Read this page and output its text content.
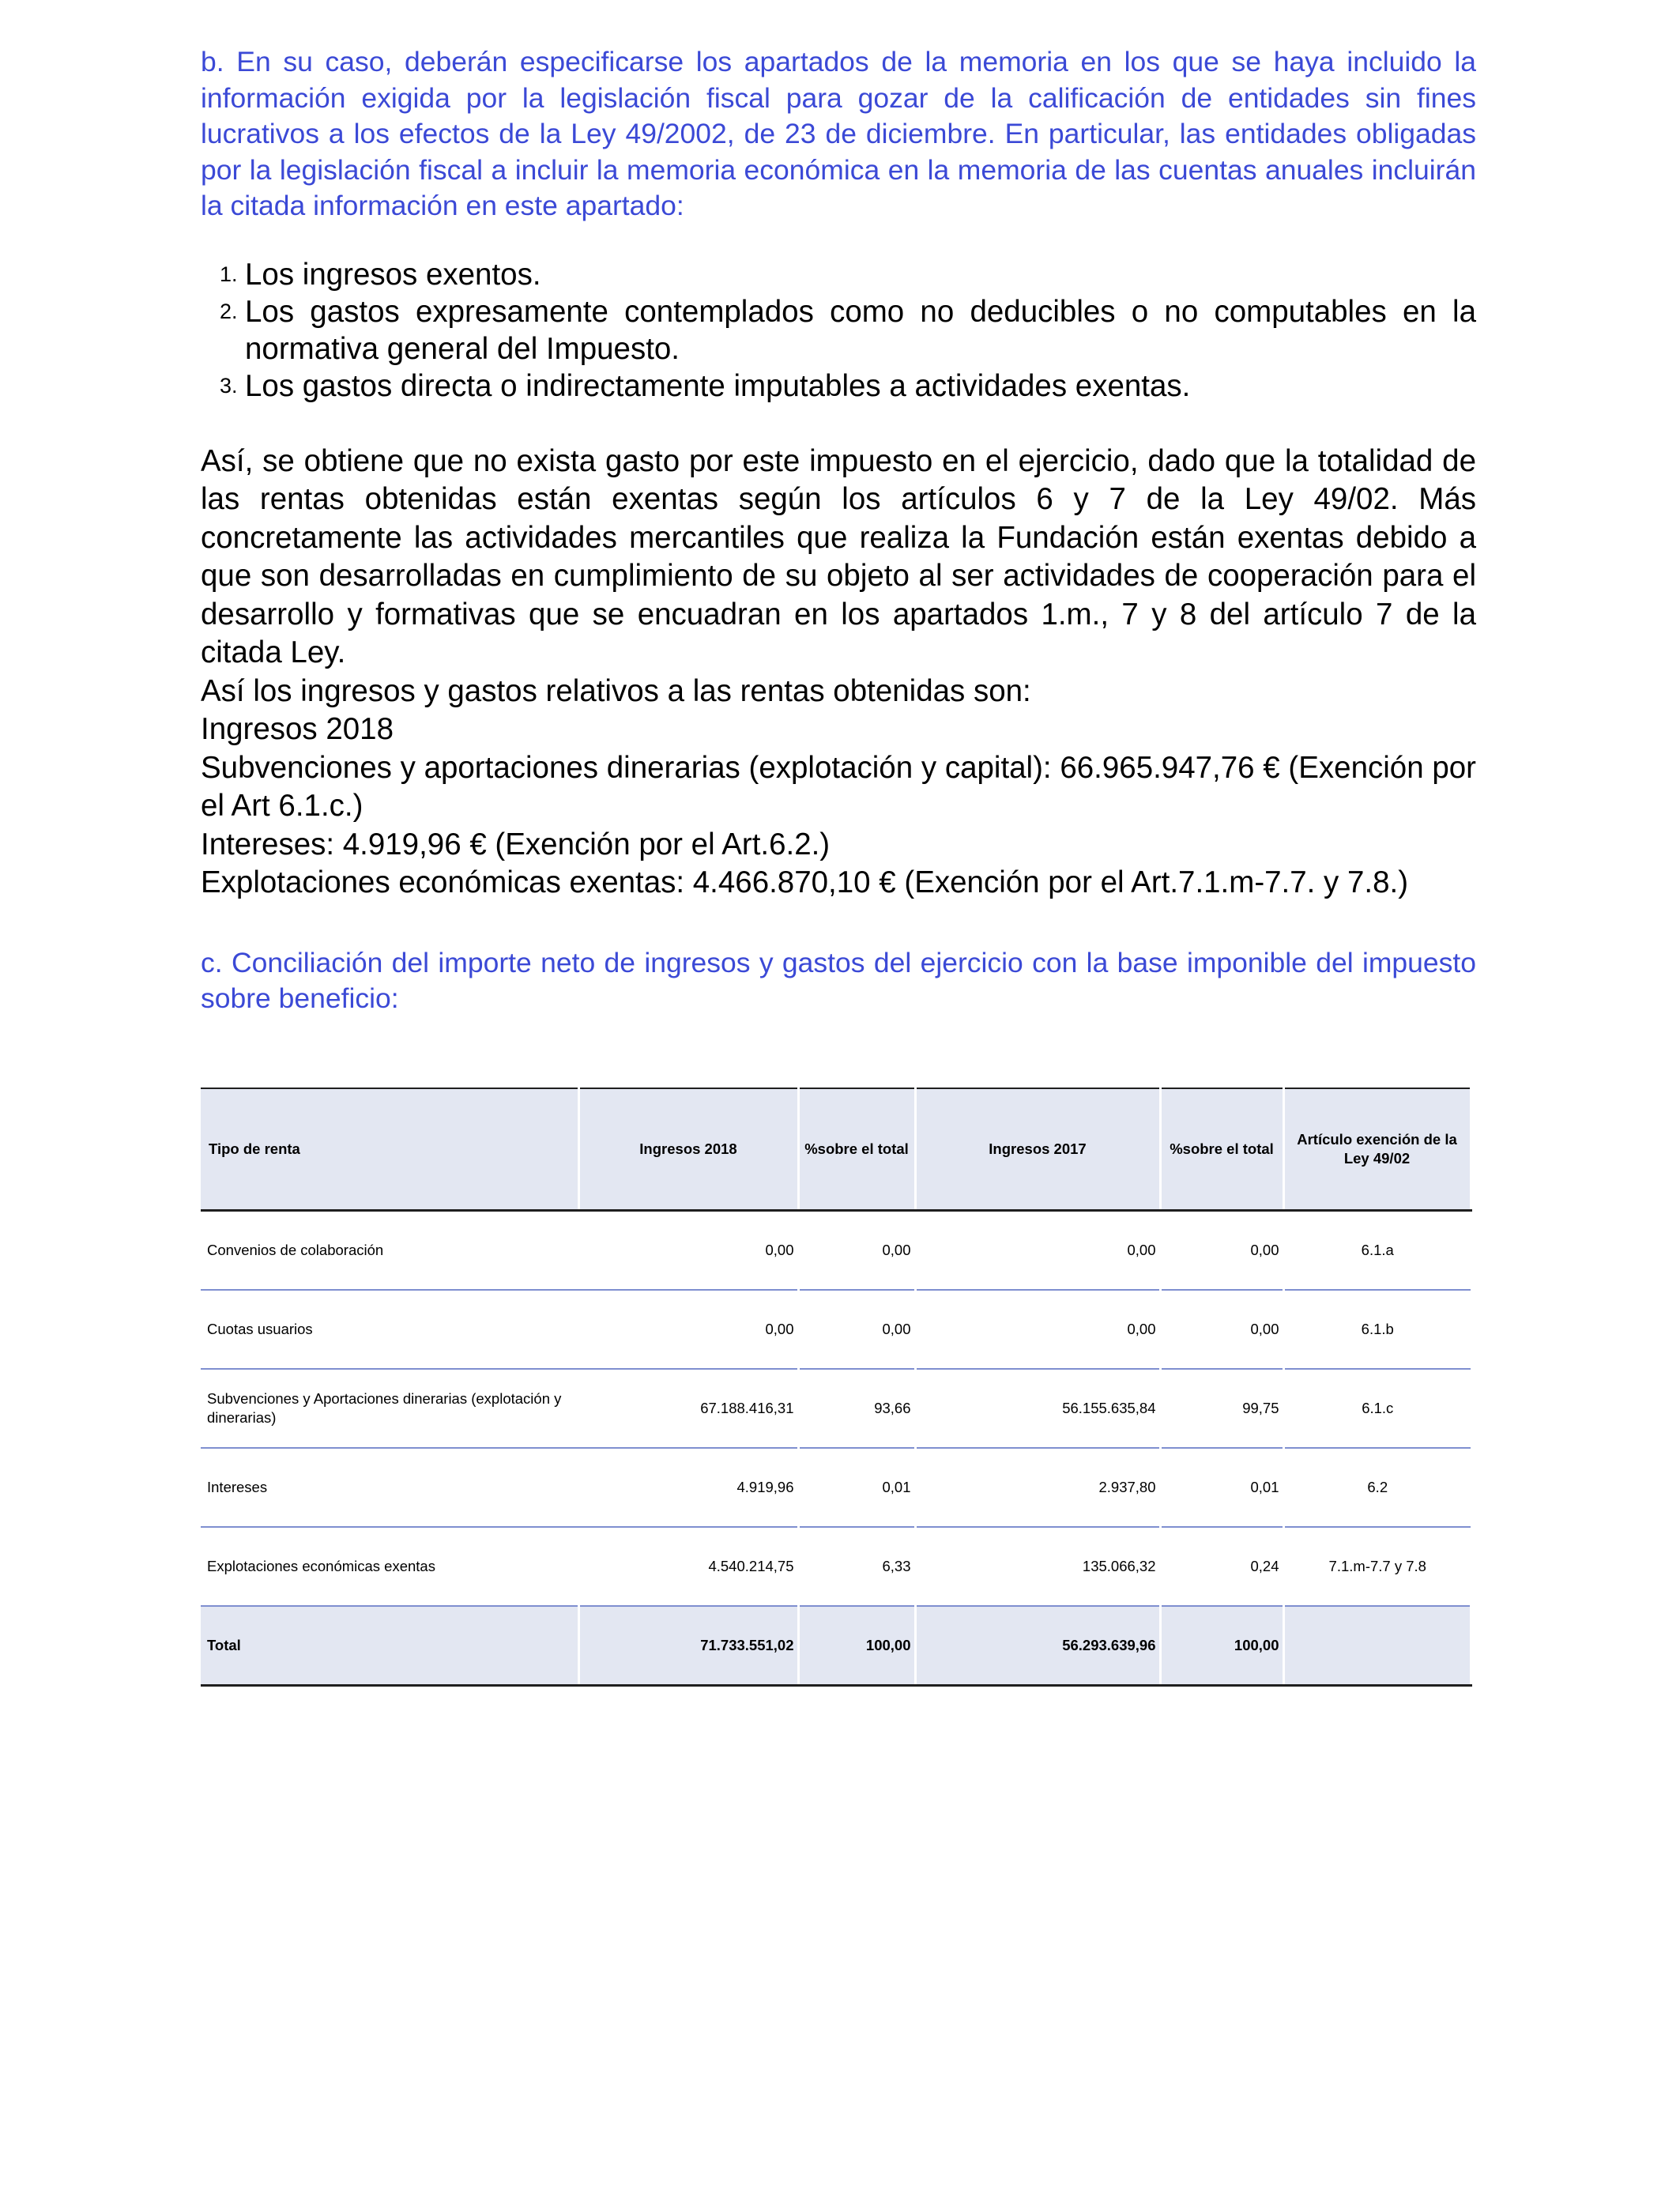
b. En su caso, deberán especificarse los apartados de la memoria en los que se haya incluido la información exigida por la legislación fiscal para gozar de la calificación de entidades sin fines lucrativos a los efectos de la Ley 49/2002, de 23 de diciembre. En particular, las entidades obligadas por la legislación fiscal a incluir la memoria económica en la memoria de las cuentas anuales incluirán la citada información en este apartado:

1. Los ingresos exentos.
2. Los gastos expresamente contemplados como no deducibles o no computables en la normativa general del Impuesto.
3. Los gastos directa o indirectamente imputables a actividades exentas.

Así, se obtiene que no exista gasto por este impuesto en el ejercicio, dado que la totalidad de las rentas obtenidas están exentas según los artículos 6 y 7 de la Ley 49/02. Más concretamente las actividades mercantiles que realiza la Fundación están exentas debido a que son desarrolladas en cumplimiento de su objeto al ser actividades de cooperación para el desarrollo y formativas que se encuadran en los apartados 1.m., 7 y 8 del artículo 7 de la citada Ley.

Así los ingresos y gastos relativos a las rentas obtenidas son:

Ingresos 2018

Subvenciones y aportaciones dinerarias (explotación y capital): 66.965.947,76 € (Exención por el Art 6.1.c.)

Intereses: 4.919,96 € (Exención por el Art.6.2.)

Explotaciones económicas exentas: 4.466.870,10 € (Exención por el Art.7.1.m-7.7. y 7.8.)

c. Conciliación del importe neto de ingresos y gastos del ejercicio con la base imponible del impuesto sobre beneficio:

Tipo de renta	Ingresos 2018	%sobre el total	Ingresos 2017	%sobre el total	Artículo exención de la Ley 49/02
Convenios de colaboración	0,00	0,00	0,00	0,00	6.1.a
Cuotas usuarios	0,00	0,00	0,00	0,00	6.1.b
Subvenciones y Aportaciones dinerarias (explotación y dinerarias)	67.188.416,31	93,66	56.155.635,84	99,75	6.1.c
Intereses	4.919,96	0,01	2.937,80	0,01	6.2
Explotaciones económicas exentas	4.540.214,75	6,33	135.066,32	0,24	7.1.m-7.7 y 7.8
Total	71.733.551,02	100,00	56.293.639,96	100,00	
